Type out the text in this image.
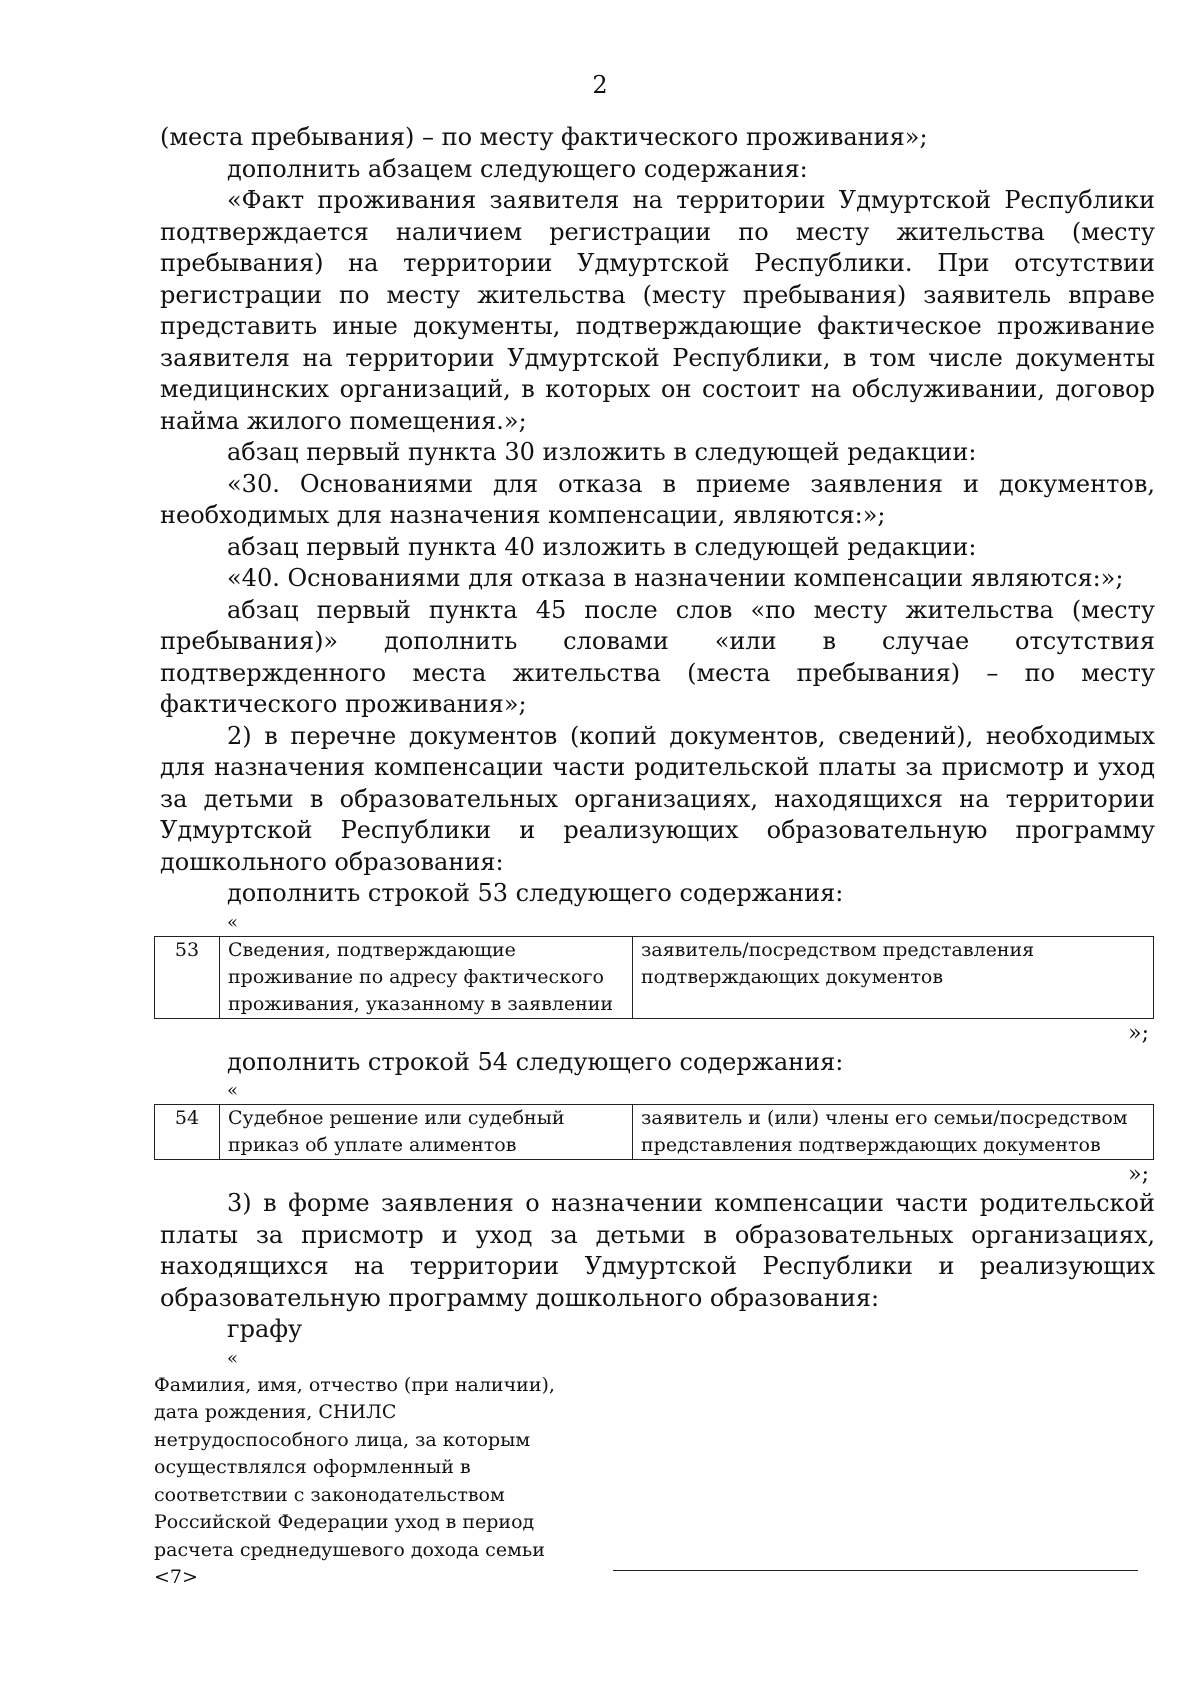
2

(места пребывания) – по месту фактического проживания»;

дополнить абзацем следующего содержания:

«Факт проживания заявителя на территории Удмуртской Республики подтверждается наличием регистрации по месту жительства (месту пребывания) на территории Удмуртской Республики. При отсутствии регистрации по месту жительства (месту пребывания) заявитель вправе представить иные документы, подтверждающие фактическое проживание заявителя на территории Удмуртской Республики, в том числе документы медицинских организаций, в которых он состоит на обслуживании, договор найма жилого помещения.»;

абзац первый пункта 30 изложить в следующей редакции:

«30. Основаниями для отказа в приеме заявления и документов, необходимых для назначения компенсации, являются:»;

абзац первый пункта 40 изложить в следующей редакции:

«40. Основаниями для отказа в назначении компенсации являются:»;

абзац первый пункта 45 после слов «по месту жительства (месту пребывания)» дополнить словами «или в случае отсутствия подтвержденного места жительства (места пребывания) – по месту фактического проживания»;

2) в перечне документов (копий документов, сведений), необходимых для назначения компенсации части родительской платы за присмотр и уход за детьми в образовательных организациях, находящихся на территории Удмуртской Республики и реализующих образовательную программу дошкольного образования:

дополнить строкой 53 следующего содержания:

«
53	Сведения, подтверждающие проживание по адресу фактического проживания, указанному в заявлении	заявитель/посредством представления подтверждающих документов
»;

дополнить строкой 54 следующего содержания:

«
54	Судебное решение или судебный приказ об уплате алиментов	заявитель и (или) члены его семьи/посредством представления подтверждающих документов
»;

3) в форме заявления о назначении компенсации части родительской платы за присмотр и уход за детьми в образовательных организациях, находящихся на территории Удмуртской Республики и реализующих образовательную программу дошкольного образования:

графу

«
Фамилия, имя, отчество (при наличии), дата рождения, СНИЛС нетрудоспособного лица, за которым осуществлялся оформленный в соответствии с законодательством Российской Федерации уход в период расчета среднедушевого дохода семьи <7>
